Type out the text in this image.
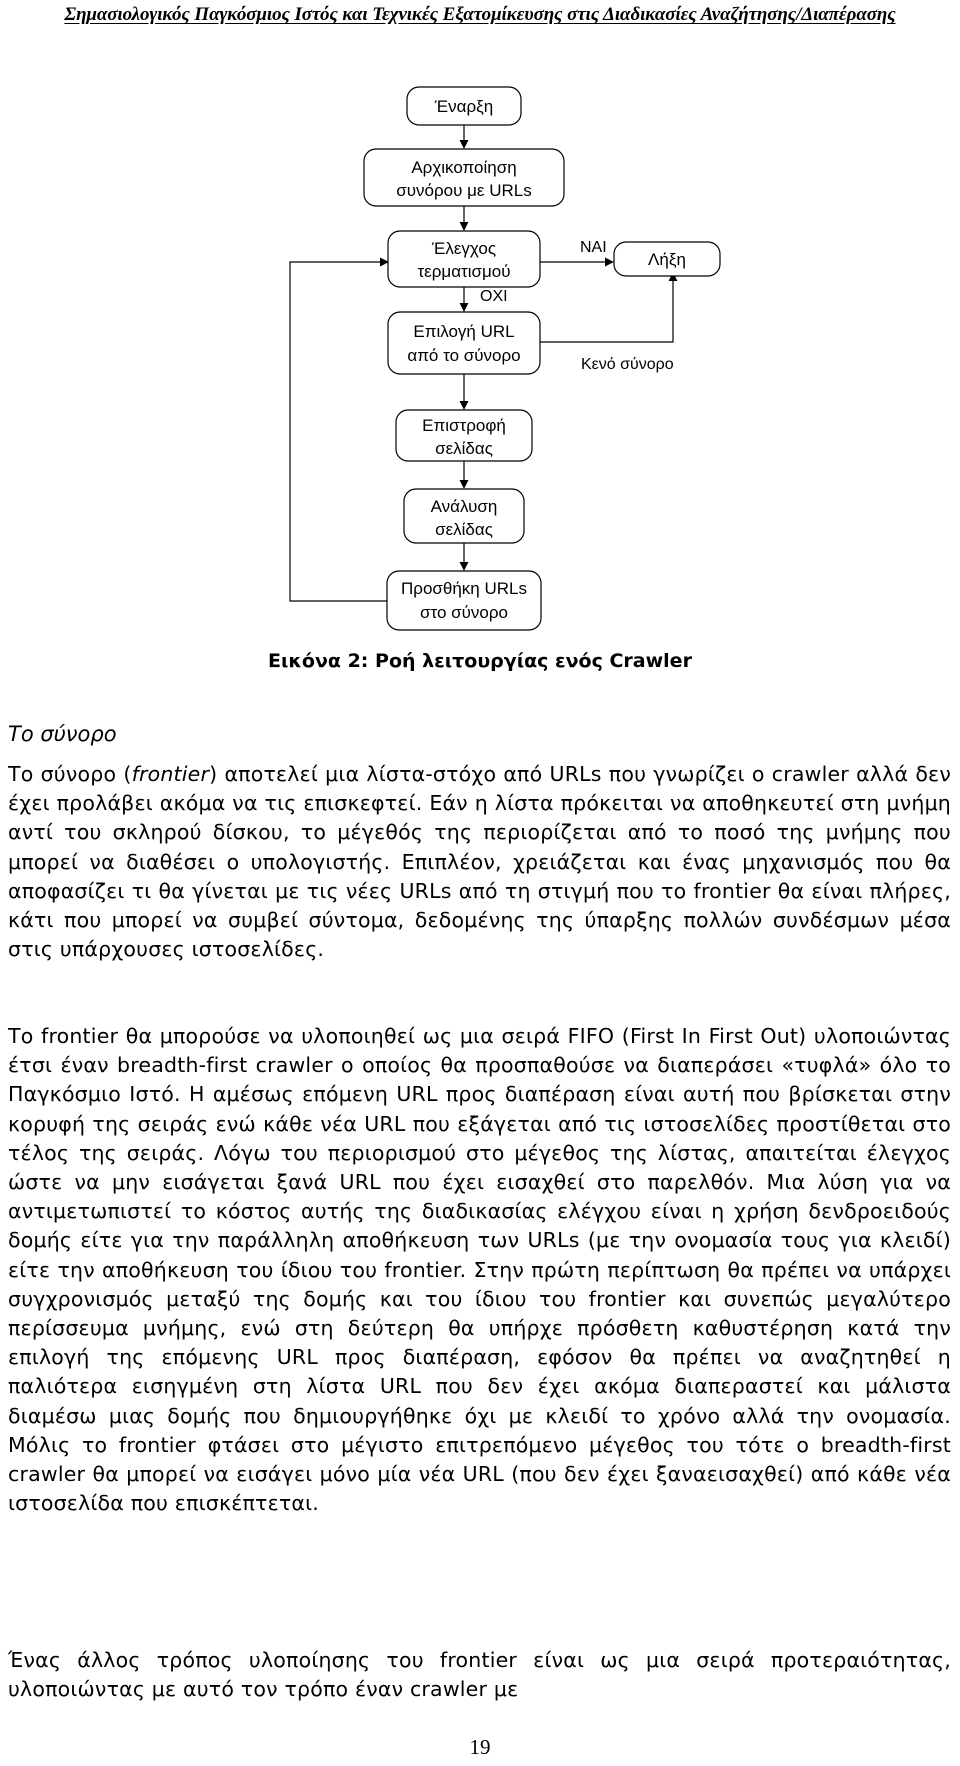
Σημασιολογικός Παγκόσμιος Ιστός και Τεχνικές Εξατομίκευσης στις Διαδικασίες Αναζήτησης/Διαπέρασης
Έναρξη
Αρχικοποίηση
συνόρου με URLs
Έλεγχος
τερματισμού
Λήξη
Επιλογή URL
από το σύνορο
Επιστροφή
σελίδας
Ανάλυση
σελίδας
Προσθήκη URLs
στο σύνορο
ΝΑΙ
ΟΧΙ
Κενό σύνορο
Εικόνα 2: Ροή λειτουργίας ενός Crawler
Το σύνορο
Το σύνορο (frontier) αποτελεί μια λίστα-στόχο από URLs που γνωρίζει ο crawler αλλά δεν έχει προλάβει ακόμα να τις επισκεφτεί. Εάν η λίστα πρόκειται να αποθηκευτεί στη μνήμη αντί του σκληρού δίσκου, το μέγεθός της περιορίζεται από το ποσό της μνήμης που μπορεί να διαθέσει ο υπολογιστής. Επιπλέον, χρειάζεται και ένας μηχανισμός που θα αποφασίζει τι θα γίνεται με τις νέες URLs από τη στιγμή που το frontier θα είναι πλήρες, κάτι που μπορεί να συμβεί σύντομα, δεδομένης της ύπαρξης πολλών συνδέσμων μέσα στις υπάρχουσες ιστοσελίδες.
Το frontier θα μπορούσε να υλοποιηθεί ως μια σειρά FIFO (First In First Out) υλοποιώντας έτσι έναν breadth-first crawler ο οποίος θα προσπαθούσε να διαπεράσει «τυφλά» όλο το Παγκόσμιο Ιστό. Η αμέσως επόμενη URL προς διαπέραση είναι αυτή που βρίσκεται στην κορυφή της σειράς ενώ κάθε νέα URL που εξάγεται από τις ιστοσελίδες προστίθεται στο τέλος της σειράς. Λόγω του περιορισμού στο μέγεθος της λίστας, απαιτείται έλεγχος ώστε να μην εισάγεται ξανά URL που έχει εισαχθεί στο παρελθόν. Μια λύση για να αντιμετωπιστεί το κόστος αυτής της διαδικασίας ελέγχου είναι η χρήση δενδροειδούς δομής είτε για την παράλληλη αποθήκευση των URLs (με την ονομασία τους για κλειδί) είτε την αποθήκευση του ίδιου του frontier. Στην πρώτη περίπτωση θα πρέπει να υπάρχει συγχρονισμός μεταξύ της δομής και του ίδιου του frontier και συνεπώς μεγαλύτερο περίσσευμα μνήμης, ενώ στη δεύτερη θα υπήρχε πρόσθετη καθυστέρηση κατά την επιλογή της επόμενης URL προς διαπέραση, εφόσον θα πρέπει να αναζητηθεί η παλιότερα εισηγμένη στη λίστα URL που δεν έχει ακόμα διαπεραστεί και μάλιστα διαμέσω μιας δομής που δημιουργήθηκε όχι με κλειδί το χρόνο αλλά την ονομασία. Μόλις το frontier φτάσει στο μέγιστο επιτρεπόμενο μέγεθος του τότε ο breadth-first crawler θα μπορεί να εισάγει μόνο μία νέα URL (που δεν έχει ξαναεισαχθεί) από κάθε νέα ιστοσελίδα που επισκέπτεται.
Ένας άλλος τρόπος υλοποίησης του frontier είναι ως μια σειρά προτεραιότητας, υλοποιώντας με αυτό τον τρόπο έναν crawler με
19
